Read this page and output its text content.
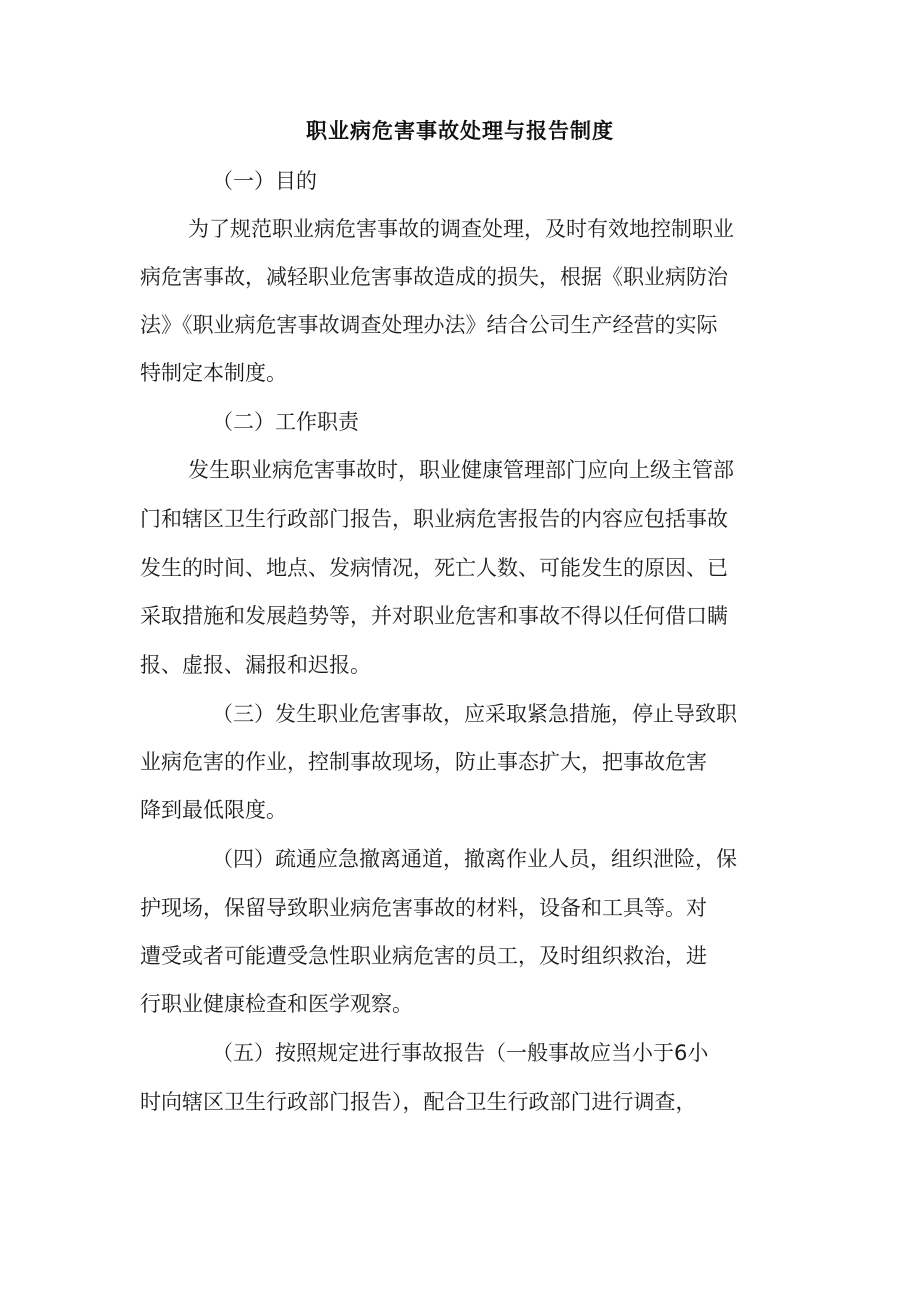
职业病危害事故处理与报告制度
（一）目的
为了规范职业病危害事故的调查处理，及时有效地控制职业
病危害事故，减轻职业危害事故造成的损失，根据《职业病防治
法》《职业病危害事故调查处理办法》结合公司生产经营的实际
特制定本制度。
（二）工作职责
发生职业病危害事故时，职业健康管理部门应向上级主管部
门和辖区卫生行政部门报告，职业病危害报告的内容应包括事故
发生的时间、地点、发病情况，死亡人数、可能发生的原因、已
采取措施和发展趋势等，并对职业危害和事故不得以任何借口瞒
报、虚报、漏报和迟报。
（三）发生职业危害事故，应采取紧急措施，停止导致职
业病危害的作业，控制事故现场，防止事态扩大，把事故危害
降到最低限度。
（四）疏通应急撤离通道，撤离作业人员，组织泄险，保
护现场，保留导致职业病危害事故的材料，设备和工具等。对
遭受或者可能遭受急性职业病危害的员工，及时组织救治，进
行职业健康检查和医学观察。
（五）按照规定进行事故报告（一般事故应当小于6小
时向辖区卫生行政部门报告），配合卫生行政部门进行调查，
